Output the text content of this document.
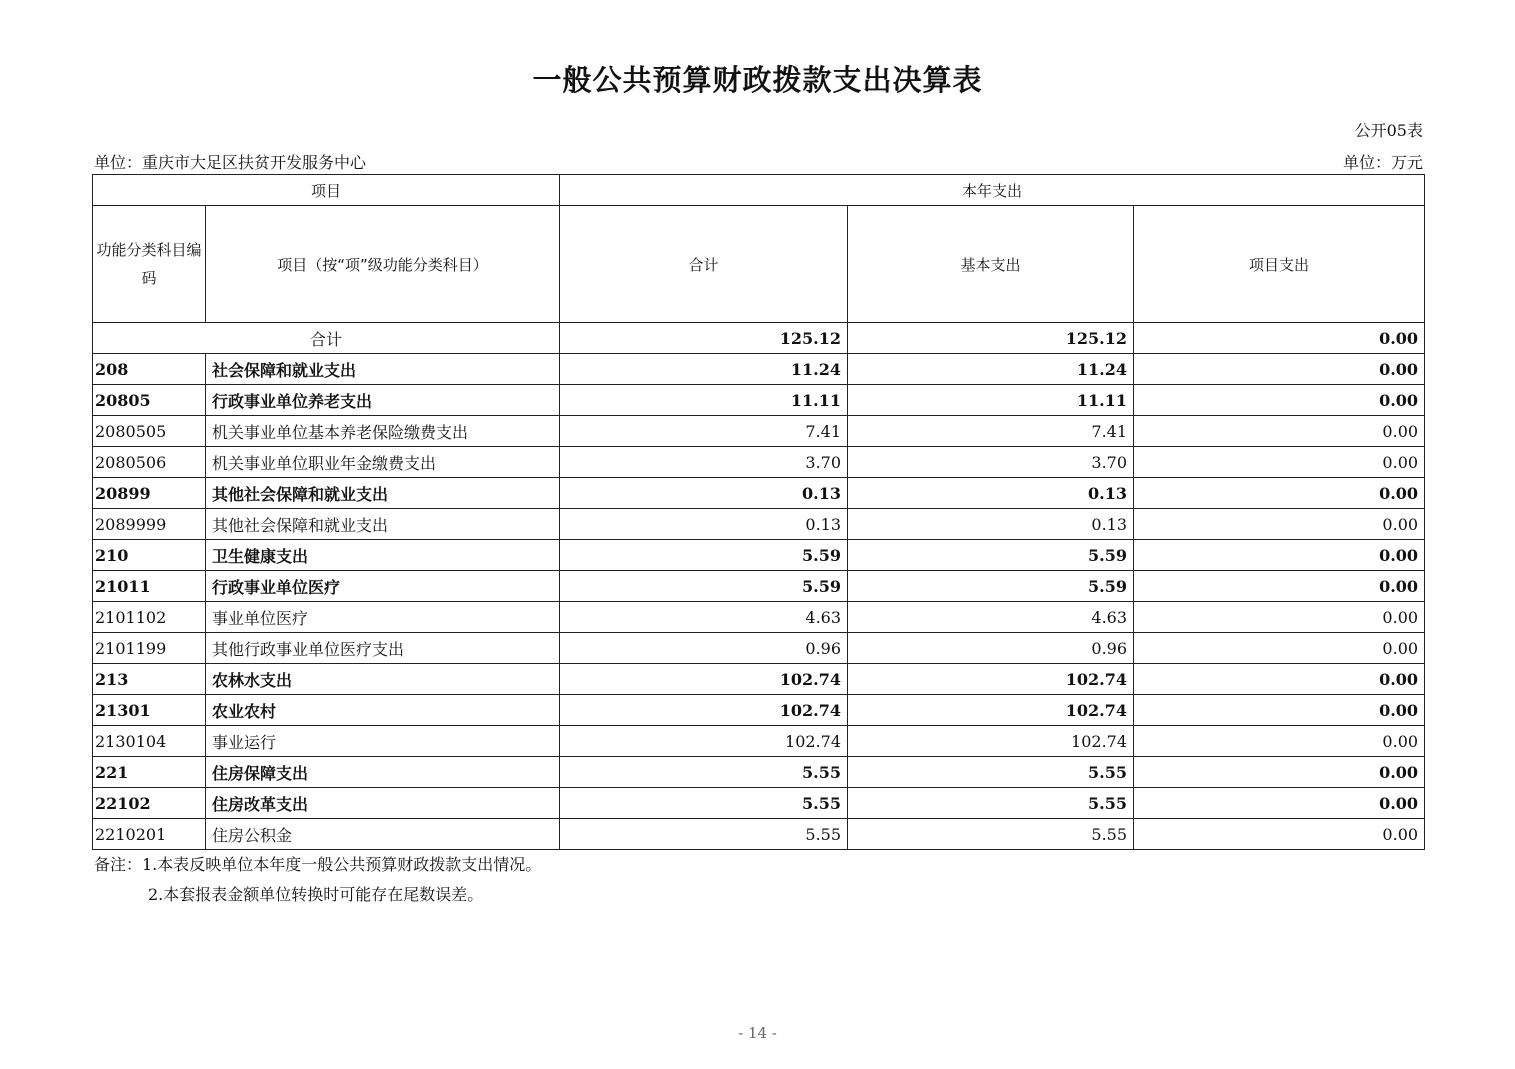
一般公共预算财政拨款支出决算表
公开05表
单位：重庆市大足区扶贫开发服务中心	单位：万元
项目		本年支出		
功能分类科目编码	项目（按“项”级功能分类科目）	合计	基本支出	项目支出
合计		125.12	125.12	0.00
208	社会保障和就业支出	11.24	11.24	0.00
20805	行政事业单位养老支出	11.11	11.11	0.00
2080505	机关事业单位基本养老保险缴费支出	7.41	7.41	0.00
2080506	机关事业单位职业年金缴费支出	3.70	3.70	0.00
20899	其他社会保障和就业支出	0.13	0.13	0.00
2089999	其他社会保障和就业支出	0.13	0.13	0.00
210	卫生健康支出	5.59	5.59	0.00
21011	行政事业单位医疗	5.59	5.59	0.00
2101102	事业单位医疗	4.63	4.63	0.00
2101199	其他行政事业单位医疗支出	0.96	0.96	0.00
213	农林水支出	102.74	102.74	0.00
21301	农业农村	102.74	102.74	0.00
2130104	事业运行	102.74	102.74	0.00
221	住房保障支出	5.55	5.55	0.00
22102	住房改革支出	5.55	5.55	0.00
2210201	住房公积金	5.55	5.55	0.00
备注：1.本表反映单位本年度一般公共预算财政拨款支出情况。
2.本套报表金额单位转换时可能存在尾数误差。
- 14 -
